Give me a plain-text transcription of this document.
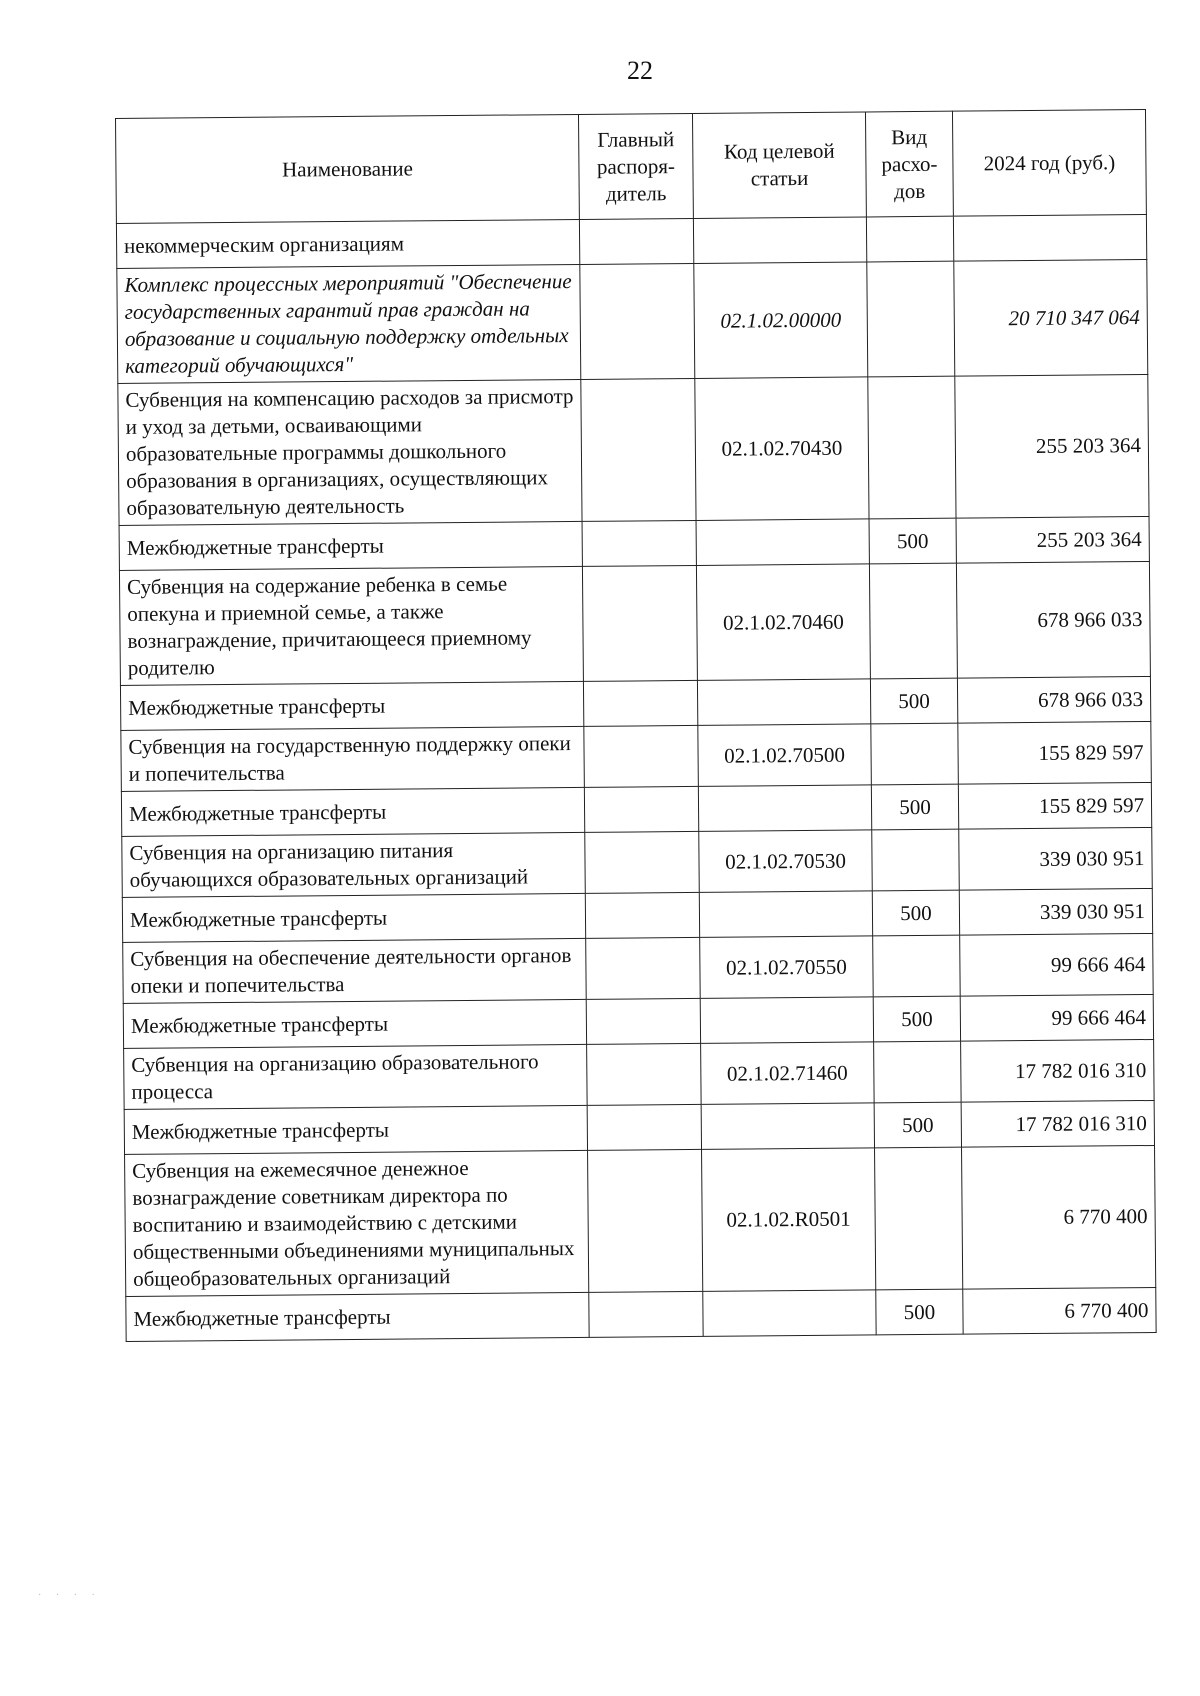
22
Наименование	Главный распоря-дитель	Код целевой статьи	Вид расхо-дов	2024 год (руб.)
некоммерческим организациям				
Комплекс процессных мероприятий "Обеспечение государственных гарантий прав граждан на образование и социальную поддержку отдельных категорий обучающихся"		02.1.02.00000		20 710 347 064
Субвенция на компенсацию расходов за присмотр и уход за детьми, осваивающими образовательные программы дошкольного образования в организациях, осуществляющих образовательную деятельность		02.1.02.70430		255 203 364
Межбюджетные трансферты			500	255 203 364
Субвенция на содержание ребенка в семье опекуна и приемной семье, а также вознаграждение, причитающееся приемному родителю		02.1.02.70460		678 966 033
Межбюджетные трансферты			500	678 966 033
Субвенция на государственную поддержку опеки и попечительства		02.1.02.70500		155 829 597
Межбюджетные трансферты			500	155 829 597
Субвенция на организацию питания обучающихся образовательных организаций		02.1.02.70530		339 030 951
Межбюджетные трансферты			500	339 030 951
Субвенция на обеспечение деятельности органов опеки и попечительства		02.1.02.70550		99 666 464
Межбюджетные трансферты			500	99 666 464
Субвенция на организацию образовательного процесса		02.1.02.71460		17 782 016 310
Межбюджетные трансферты			500	17 782 016 310
Субвенция на ежемесячное денежное вознаграждение советникам директора по воспитанию и взаимодействию с детскими общественными объединениями муниципальных общеобразовательных организаций		02.1.02.R0501		6 770 400
Межбюджетные трансферты			500	6 770 400
· · · ·
